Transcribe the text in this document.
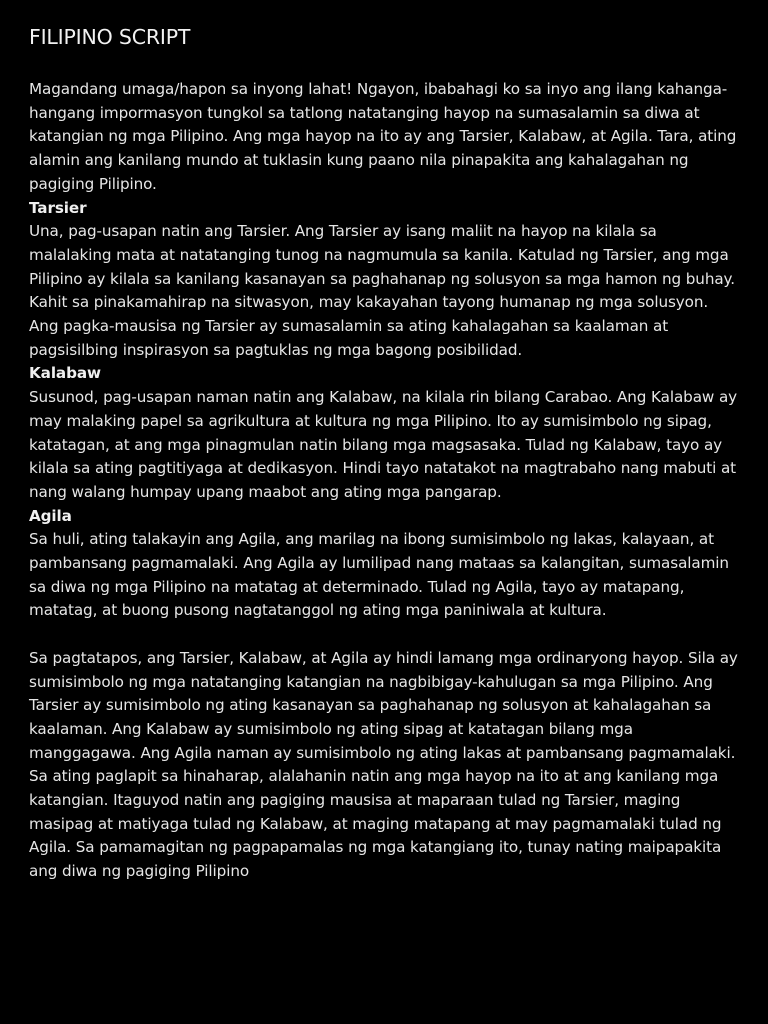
FILIPINO SCRIPT

Magandang umaga/hapon sa inyong lahat! Ngayon, ibabahagi ko sa inyo ang ilang kahanga-hangang impormasyon tungkol sa tatlong natatanging hayop na sumasalamin sa diwa at katangian ng mga Pilipino. Ang mga hayop na ito ay ang Tarsier, Kalabaw, at Agila. Tara, ating alamin ang kanilang mundo at tuklasin kung paano nila pinapakita ang kahalagahan ng pagiging Pilipino.

Tarsier

Una, pag-usapan natin ang Tarsier. Ang Tarsier ay isang maliit na hayop na kilala sa malalaking mata at natatanging tunog na nagmumula sa kanila. Katulad ng Tarsier, ang mga Pilipino ay kilala sa kanilang kasanayan sa paghahanap ng solusyon sa mga hamon ng buhay. Kahit sa pinakamahirap na sitwasyon, may kakayahan tayong humanap ng mga solusyon. Ang pagka-mausisa ng Tarsier ay sumasalamin sa ating kahalagahan sa kaalaman at pagsisilbing inspirasyon sa pagtuklas ng mga bagong posibilidad.

Kalabaw

Susunod, pag-usapan naman natin ang Kalabaw, na kilala rin bilang Carabao. Ang Kalabaw ay may malaking papel sa agrikultura at kultura ng mga Pilipino. Ito ay sumisimbolo ng sipag, katatagan, at ang mga pinagmulan natin bilang mga magsasaka. Tulad ng Kalabaw, tayo ay kilala sa ating pagtitiyaga at dedikasyon. Hindi tayo natatakot na magtrabaho nang mabuti at nang walang humpay upang maabot ang ating mga pangarap.

Agila

Sa huli, ating talakayin ang Agila, ang marilag na ibong sumisimbolo ng lakas, kalayaan, at pambansang pagmamalaki. Ang Agila ay lumilipad nang mataas sa kalangitan, sumasalamin sa diwa ng mga Pilipino na matatag at determinado. Tulad ng Agila, tayo ay matapang, matatag, at buong pusong nagtatanggol ng ating mga paniniwala at kultura.

Sa pagtatapos, ang Tarsier, Kalabaw, at Agila ay hindi lamang mga ordinaryong hayop. Sila ay sumisimbolo ng mga natatanging katangian na nagbibigay-kahulugan sa mga Pilipino. Ang Tarsier ay sumisimbolo ng ating kasanayan sa paghahanap ng solusyon at kahalagahan sa kaalaman. Ang Kalabaw ay sumisimbolo ng ating sipag at katatagan bilang mga manggagawa. Ang Agila naman ay sumisimbolo ng ating lakas at pambansang pagmamalaki.

Sa ating paglapit sa hinaharap, alalahanin natin ang mga hayop na ito at ang kanilang mga katangian. Itaguyod natin ang pagiging mausisa at maparaan tulad ng Tarsier, maging masipag at matiyaga tulad ng Kalabaw, at maging matapang at may pagmamalaki tulad ng Agila. Sa pamamagitan ng pagpapamalas ng mga katangiang ito, tunay nating maipapakita ang diwa ng pagiging Pilipino
